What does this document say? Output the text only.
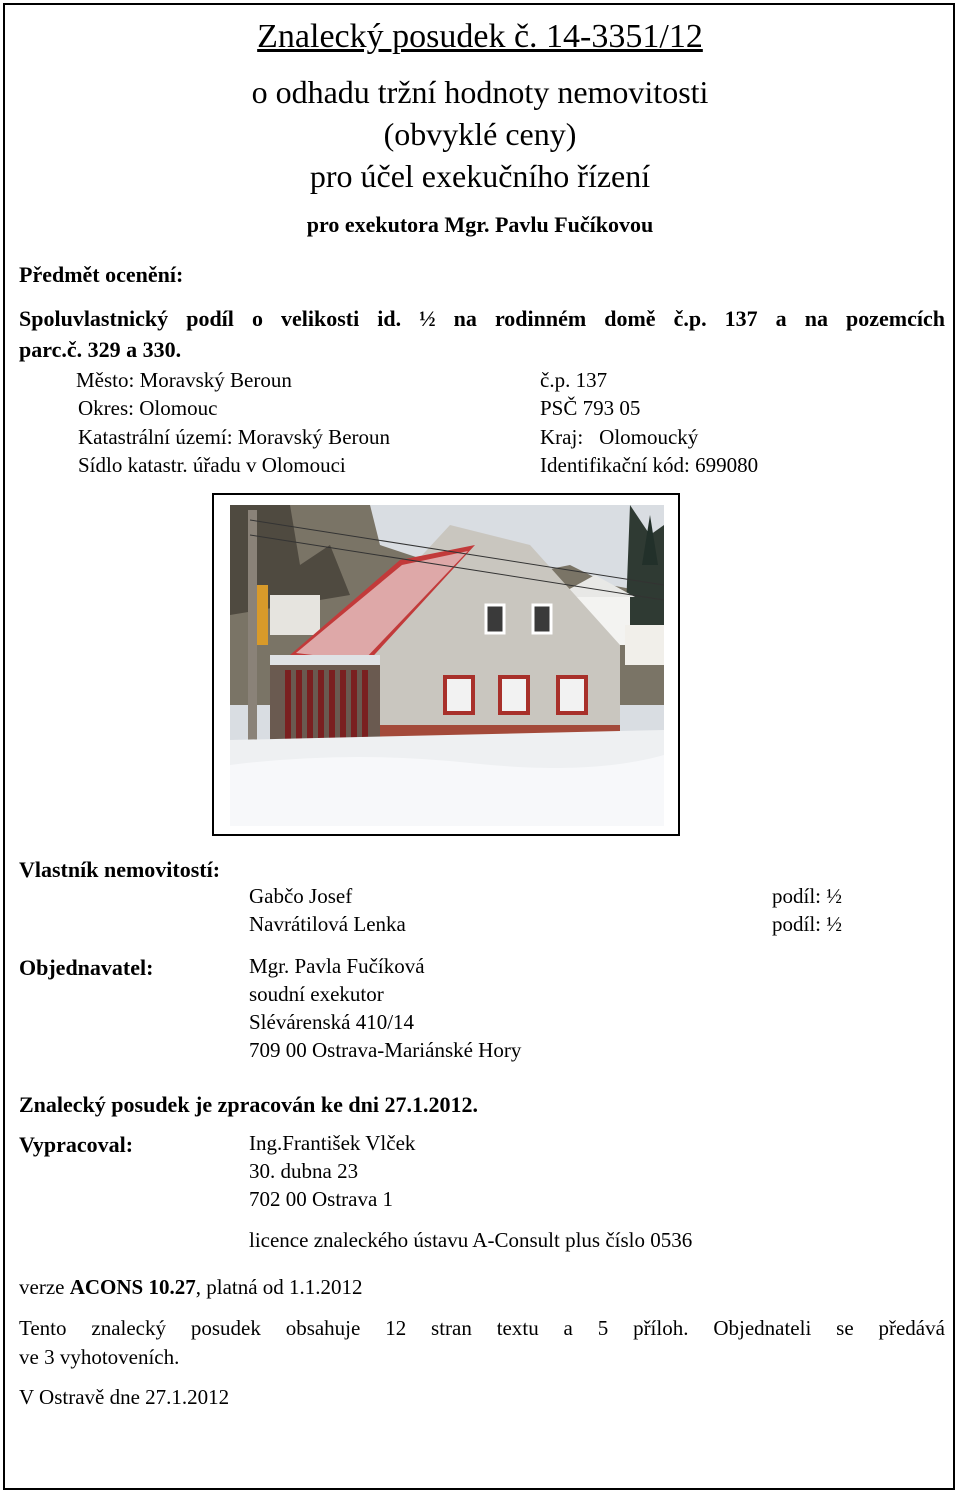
Znalecký posudek č. 14-3351/12
o odhadu tržní hodnoty nemovitosti
(obvyklé ceny)
pro účel exekučního řízení
pro exekutora Mgr. Pavlu Fučíkovou
Předmět ocenění:
Spoluvlastnický podíl o velikosti id. ½ na rodinném domě č.p. 137 a na pozemcích
parc.č. 329 a 330.
Město: Moravský Beroun	č.p. 137
Okres: Olomouc	PSČ 793 05
Katastrální území: Moravský Beroun	Kraj: Olomoucký
Sídlo katastr. úřadu v Olomouci	Identifikační kód: 699080
Vlastník nemovitostí:
Gabčo Josef	podíl: ½
Navrátilová Lenka	podíl: ½
Objednavatel:	Mgr. Pavla Fučíková
soudní exekutor
Slévárenská 410/14
709 00 Ostrava-Mariánské Hory
Znalecký posudek je zpracován ke dni 27.1.2012.
Vypracoval:	Ing.František Vlček
30. dubna 23
702 00 Ostrava 1
licence znaleckého ústavu A-Consult plus číslo 0536
verze ACONS 10.27, platná od 1.1.2012
Tento znalecký posudek obsahuje 12 stran textu a 5 příloh. Objednateli se předává
ve 3 vyhotoveních.
V Ostravě dne 27.1.2012
